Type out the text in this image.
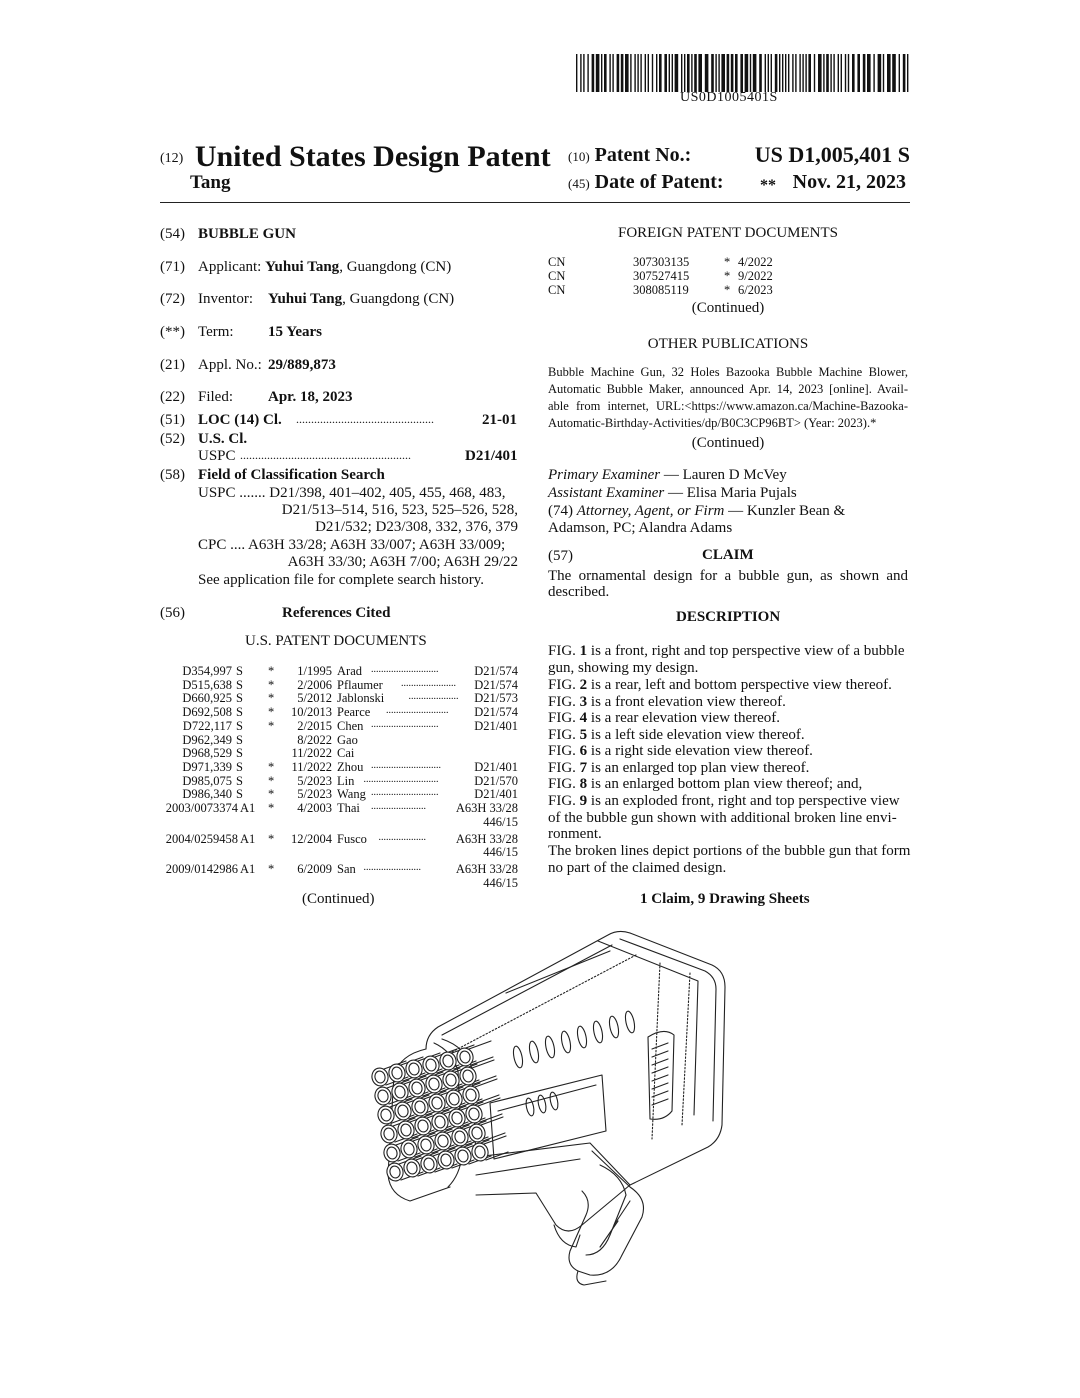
US0D1005401S
(12) United States Design Patent
Tang
(10) Patent No.:	US D1,005,401 S
(45) Date of Patent: ** Nov. 21, 2023
(54) BUBBLE GUN
(71) Applicant: Yuhui Tang, Guangdong (CN)
(72) Inventor: Yuhui Tang, Guangdong (CN)
(**) Term: 15 Years
(21) Appl. No.: 29/889,873
(22) Filed: Apr. 18, 2023
(51) LOC (14) Cl. ..............................................	21-01
(52) U.S. Cl.
USPC .........................................................	D21/401
(58) Field of Classification Search
USPC ....... D21/398, 401–402, 405, 455, 468, 483,
D21/513–514, 516, 523, 525–526, 528,
D21/532; D23/308, 332, 376, 379
CPC .... A63H 33/28; A63H 33/007; A63H 33/009;
A63H 33/30; A63H 7/00; A63H 29/22
See application file for complete search history.
(56)	References Cited
U.S. PATENT DOCUMENTS
D354,997 S *	1/1995 Arad	D21/574
...........................
D515,638 S *	2/2006 Pflaumer	D21/574
......................
D660,925 S *	5/2012 Jablonski	D21/573
....................
D692,508 S *	10/2013 Pearce	D21/574
.........................
D722,117 S *	2/2015 Chen	D21/401
...........................
D962,349 S	8/2022 Gao
D968,529 S	11/2022 Cai
D971,339 S *	11/2022 Zhou	D21/401
............................
D985,075 S *	5/2023 Lin	D21/570
..............................
D986,340 S *	5/2023 Wang	D21/401
...........................
2003/0073374 A1 *	4/2003 Thai	A63H 33/28
......................
446/15
2004/0259458 A1 *	12/2004 Fusco	A63H 33/28
...................
446/15
2009/0142986 A1 *	6/2009 San	A63H 33/28
.......................
446/15
(Continued)
FOREIGN PATENT DOCUMENTS
CN	307303135	* 4/2022
CN	307527415	* 9/2022
CN	308085119	* 6/2023
(Continued)
OTHER PUBLICATIONS
Bubble Machine Gun, 32 Holes Bazooka Bubble Machine Blower,
Automatic Bubble Maker, announced Apr. 14, 2023 [online]. Avail-
able from internet, URL:<https://www.amazon.ca/Machine-Bazooka-
Automatic-Birthday-Activities/dp/B0C3CP96BT> (Year: 2023).*
(Continued)
Primary Examiner — Lauren D McVey
Assistant Examiner — Elisa Maria Pujals
(74) Attorney, Agent, or Firm — Kunzler Bean &
Adamson, PC; Alandra Adams
(57)	CLAIM
The ornamental design for a bubble gun, as shown and
described.
DESCRIPTION
FIG. 1 is a front, right and top perspective view of a bubble
gun, showing my design.
FIG. 2 is a rear, left and bottom perspective view thereof.
FIG. 3 is a front elevation view thereof.
FIG. 4 is a rear elevation view thereof.
FIG. 5 is a left side elevation view thereof.
FIG. 6 is a right side elevation view thereof.
FIG. 7 is an enlarged top plan view thereof.
FIG. 8 is an enlarged bottom plan view thereof; and,
FIG. 9 is an exploded front, right and top perspective view
of the bubble gun shown with additional broken line envi-
ronment.
The broken lines depict portions of the bubble gun that form
no part of the claimed design.
1 Claim, 9 Drawing Sheets
